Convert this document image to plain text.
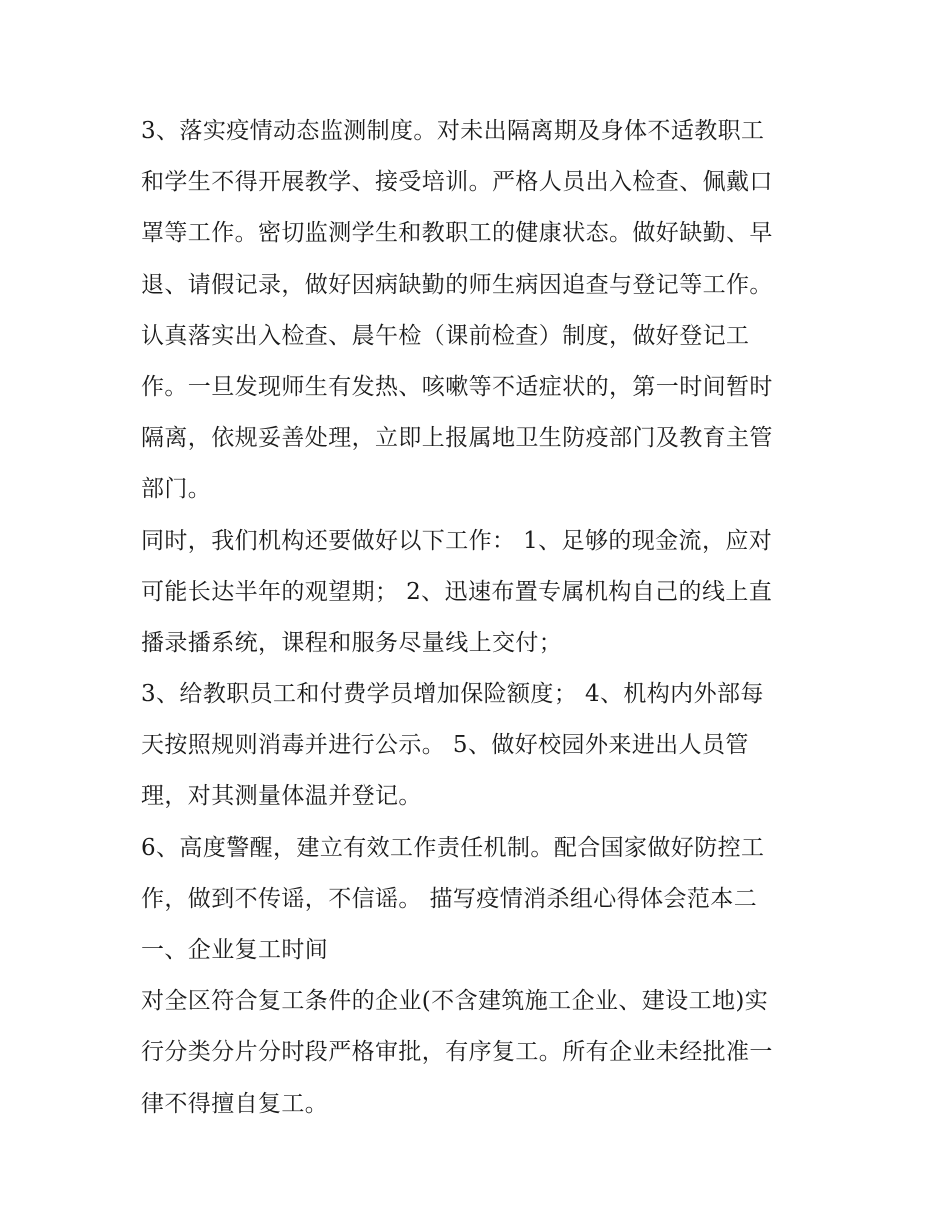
3、落实疫情动态监测制度。对未出隔离期及身体不适教职工
和学生不得开展教学、接受培训。严格人员出入检查、佩戴口
罩等工作。密切监测学生和教职工的健康状态。做好缺勤、早
退、请假记录，做好因病缺勤的师生病因追查与登记等工作。
认真落实出入检查、晨午检（课前检查）制度，做好登记工
作。一旦发现师生有发热、咳嗽等不适症状的，第一时间暂时
隔离，依规妥善处理，立即上报属地卫生防疫部门及教育主管
部门。
同时，我们机构还要做好以下工作： 1、足够的现金流，应对
可能长达半年的观望期； 2、迅速布置专属机构自己的线上直
播录播系统，课程和服务尽量线上交付；
3、给教职员工和付费学员增加保险额度； 4、机构内外部每
天按照规则消毒并进行公示。 5、做好校园外来进出人员管
理，对其测量体温并登记。
6、高度警醒，建立有效工作责任机制。配合国家做好防控工
作，做到不传谣，不信谣。 描写疫情消杀组心得体会范本二
一、企业复工时间
对全区符合复工条件的企业(不含建筑施工企业、建设工地)实
行分类分片分时段严格审批，有序复工。所有企业未经批准一
律不得擅自复工。
